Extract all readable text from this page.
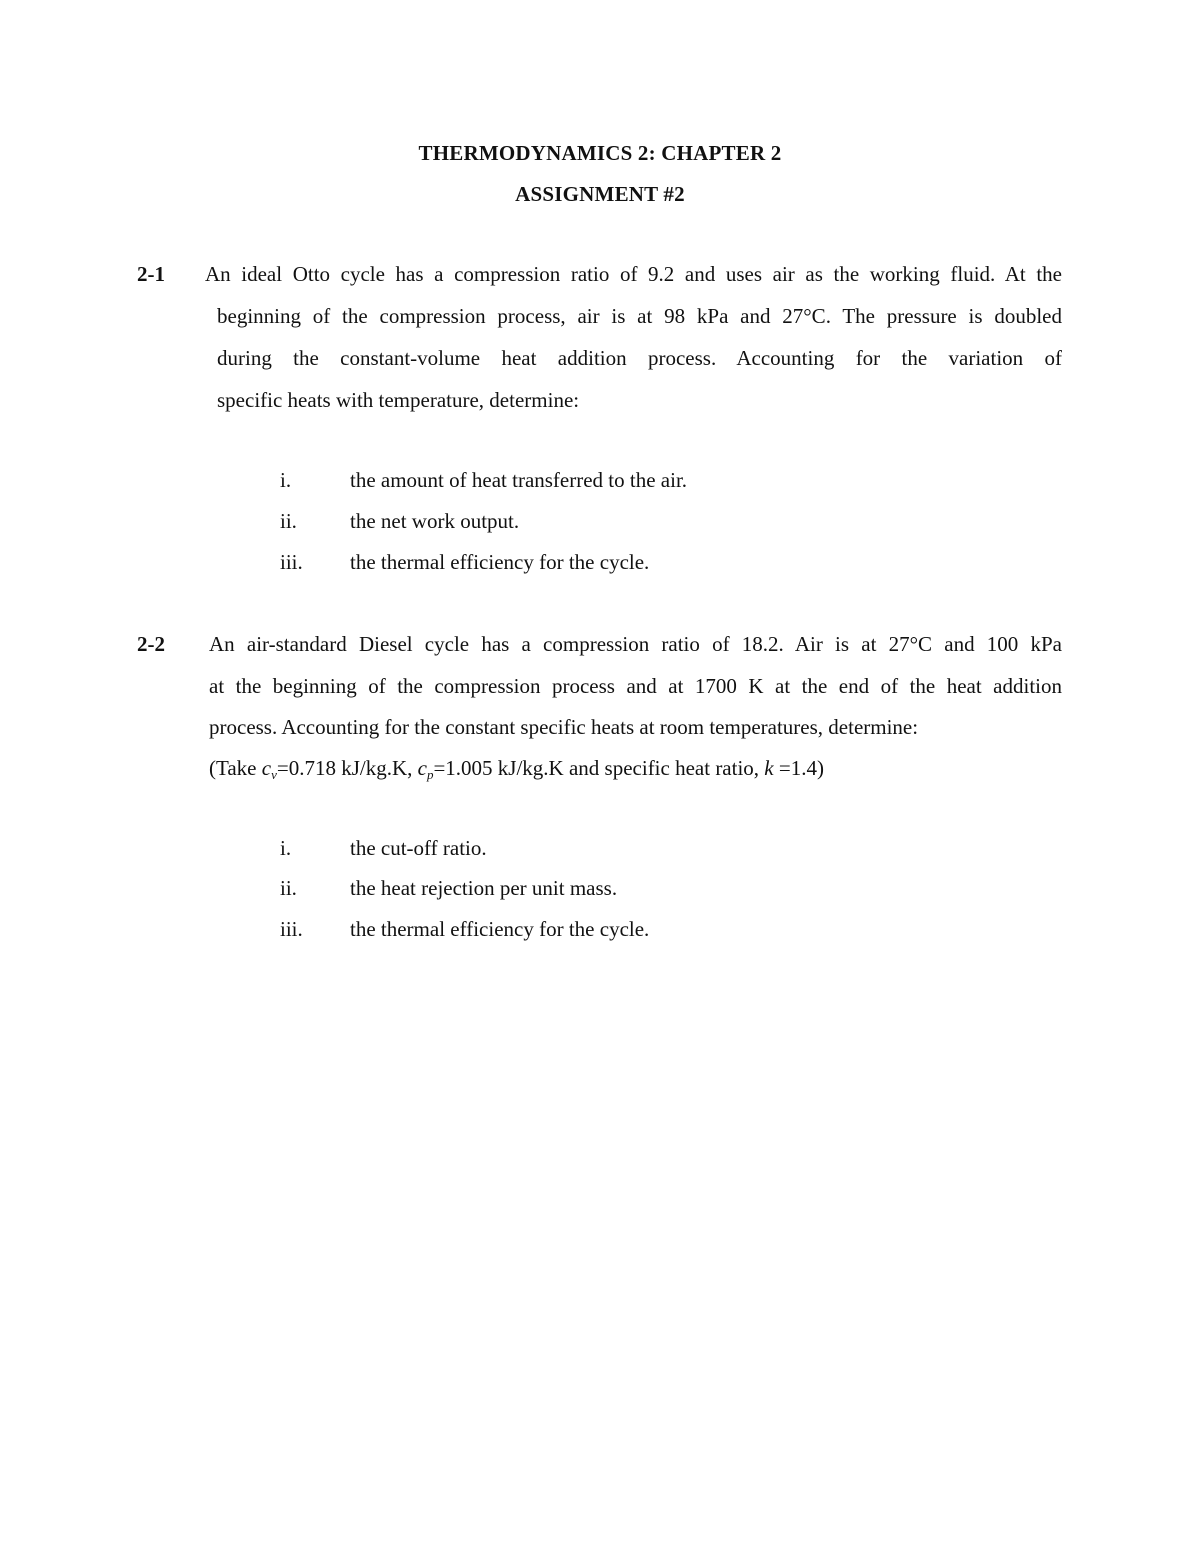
THERMODYNAMICS 2: CHAPTER 2
ASSIGNMENT #2
2-1 An ideal Otto cycle has a compression ratio of 9.2 and uses air as the working fluid. At the
beginning of the compression process, air is at 98 kPa and 27°C. The pressure is doubled
during the constant-volume heat addition process. Accounting for the variation of
specific heats with temperature, determine:
i.	the amount of heat transferred to the air.
ii.	the net work output.
iii. the thermal efficiency for the cycle.
2-2 An air-standard Diesel cycle has a compression ratio of 18.2. Air is at 27°C and 100 kPa
at the beginning of the compression process and at 1700 K at the end of the heat addition
process. Accounting for the constant specific heats at room temperatures, determine:
(Take $c_v=0.718$ kJ/kg.K, $c_p=1.005$ kJ/kg.K and specific heat ratio, k =1.4)
i.	the cut-off ratio.
ii.	the heat rejection per unit mass.
iii. the thermal efficiency for the cycle.
